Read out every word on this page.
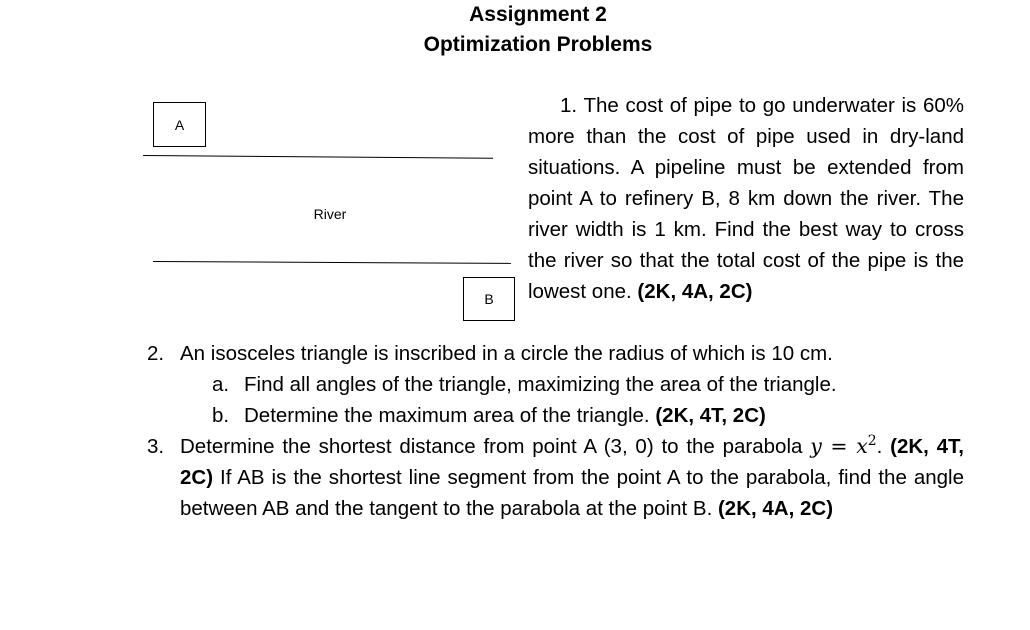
Assignment 2
Optimization Problems
A
River
B
1. The cost of pipe to go underwater is 60% more than the cost of pipe used in dry-land situations. A pipeline must be extended from point A to refinery B, 8 km down the river. The river width is 1 km. Find the best way to cross the river so that the total cost of the pipe is the lowest one. (2K, 4A, 2C)
2. An isosceles triangle is inscribed in a circle the radius of which is 10 cm.
a. Find all angles of the triangle, maximizing the area of the triangle.
b. Determine the maximum area of the triangle. (2K, 4T, 2C)
3. Determine the shortest distance from point A (3, 0) to the parabola $y = x^2$. (2K, 4T, 2C) If AB is the shortest line segment from the point A to the parabola, find the angle between AB and the tangent to the parabola at the point B. (2K, 4A, 2C)
